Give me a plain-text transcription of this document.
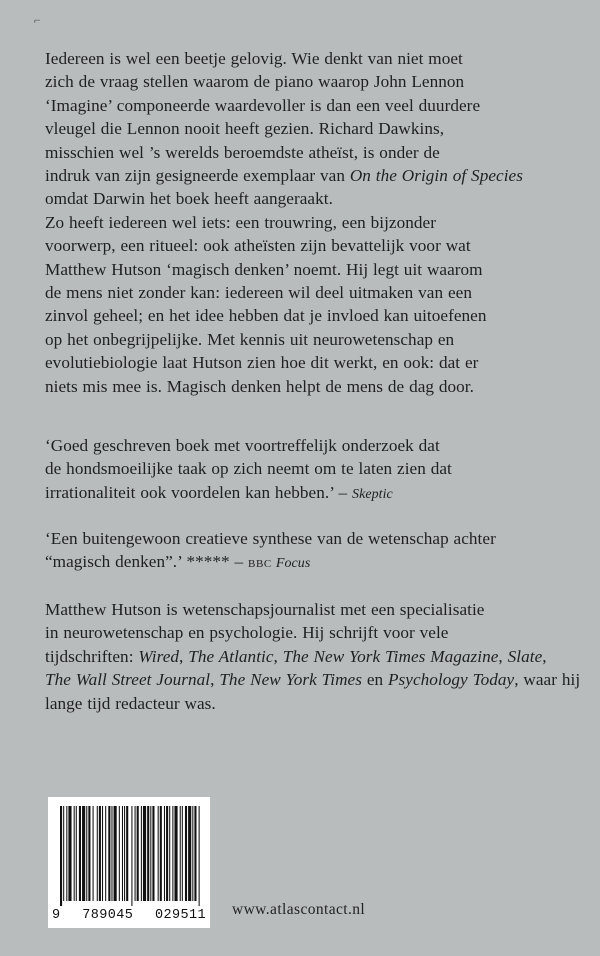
⌐

Iedereen is wel een beetje gelovig. Wie denkt van niet moet
zich de vraag stellen waarom de piano waarop John Lennon
‘Imagine’ componeerde waardevoller is dan een veel duurdere
vleugel die Lennon nooit heeft gezien. Richard Dawkins,
misschien wel ’s werelds beroemdste atheïst, is onder de
indruk van zijn gesigneerde exemplaar van On the Origin of Species
omdat Darwin het boek heeft aangeraakt.

Zo heeft iedereen wel iets: een trouwring, een bijzonder
voorwerp, een ritueel: ook atheïsten zijn bevattelijk voor wat
Matthew Hutson ‘magisch denken’ noemt. Hij legt uit waarom
de mens niet zonder kan: iedereen wil deel uitmaken van een
zinvol geheel; en het idee hebben dat je invloed kan uitoefenen
op het onbegrijpelijke. Met kennis uit neurowetenschap en
evolutiebiologie laat Hutson zien hoe dit werkt, en ook: dat er
niets mis mee is. Magisch denken helpt de mens de dag door.

‘Goed geschreven boek met voortreffelijk onderzoek dat
de hondsmoeilijke taak op zich neemt om te laten zien dat
irrationaliteit ook voordelen kan hebben.’ – Skeptic

‘Een buitengewoon creatieve synthese van de wetenschap achter
“magisch denken”.’ ***** – BBC Focus

Matthew Hutson is wetenschapsjournalist met een specialisatie
in neurowetenschap en psychologie. Hij schrijft voor vele
tijdschriften: Wired, The Atlantic, The New York Times Magazine, Slate,
The Wall Street Journal, The New York Times en Psychology Today, waar hij
lange tijd redacteur was.

9 789045 029511 www.atlascontact.nl
